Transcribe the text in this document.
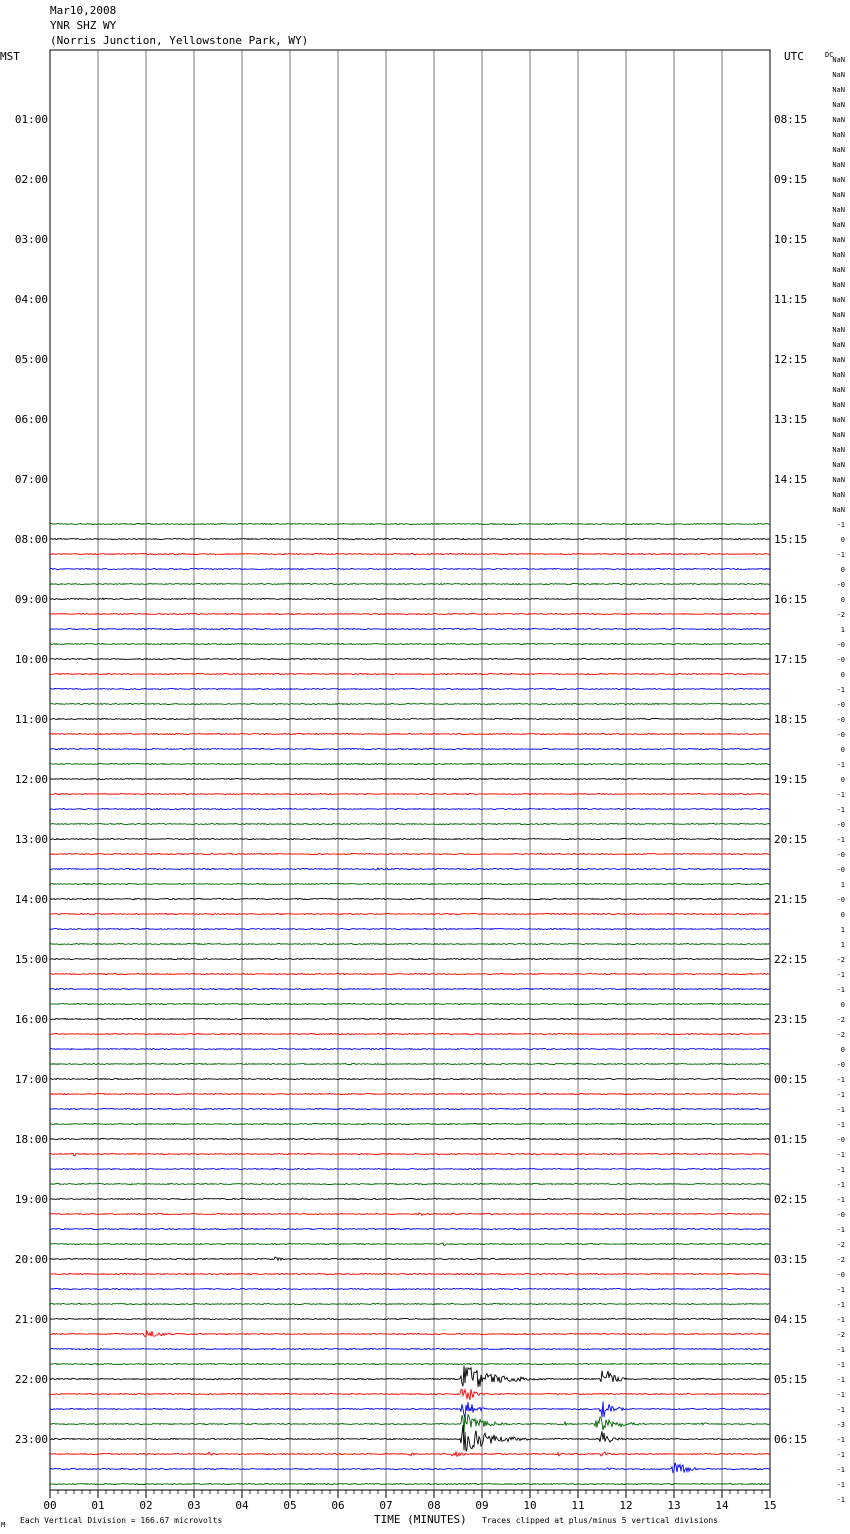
Mar10,2008
YNR SHZ WY
(Norris Junction, Yellowstone Park, WY)
00	01	02	03	04	05	06	07	08	09	10	11	12	13	14	15
01:00
02:00
03:00
04:00
05:00
06:00
07:00
08:00
09:00
10:00
11:00
12:00
13:00
14:00
15:00
16:00
17:00
18:00
19:00
20:00
21:00
22:00
23:00
08:15
09:15
10:15
11:15
12:15
13:15
14:15
15:15
16:15
17:15
18:15
19:15
20:15
21:15
22:15
23:15
00:15
01:15
02:15
03:15
04:15
05:15
06:15
NaN
NaN
NaN
NaN
NaN
NaN
NaN
NaN
NaN
NaN
NaN
NaN
NaN
NaN
NaN
NaN
NaN
NaN
NaN
NaN
NaN
NaN
NaN
NaN
NaN
NaN
NaN
NaN
NaN
NaN
NaN
-1
0
-1
0
-0
0
-2
1
-0
-0
0
-1
-0
-0
-0
0
-1
0
-1
-1
-0
-1
-0
-0
1
-0
0
1
1
-2
-1
-1
0
-2
-2
0
-0
-1
-1
-1
-1
-0
-1
-1
-1
-1
-0
-1
-2
-2
-0
-1
-1
-1
-2
-1
-1
-1
-1
-1
-3
-1
-1
-1
-1
-1
MST	UTC	DC
TIME (MINUTES)
Each Vertical Division = 166.67 microvolts	Traces clipped at plus/minus 5 vertical divisions
M
